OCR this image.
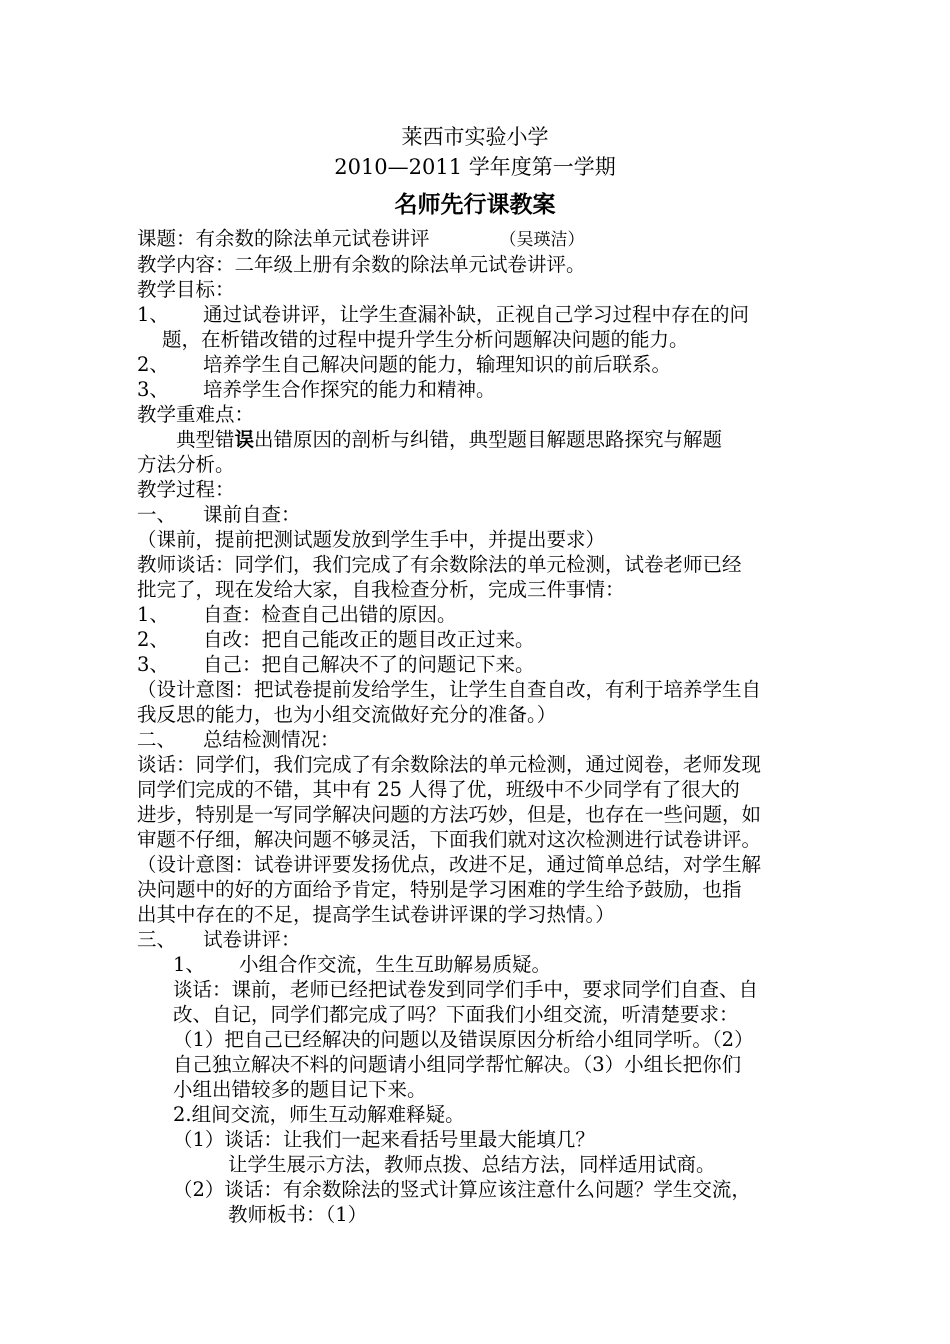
莱西市实验小学
2010—2011 学年度第一学期
名师先行课教案
课题：有余数的除法单元试卷讲评	（吴瑛洁）
教学内容：二年级上册有余数的除法单元试卷讲评。
教学目标：
1、 通过试卷讲评，让学生查漏补缺，正视自己学习过程中存在的问
题，在析错改错的过程中提升学生分析问题解决问题的能力。
2、 培养学生自己解决问题的能力，输理知识的前后联系。
3、 培养学生合作探究的能力和精神。
教学重难点：
典型错误出错原因的剖析与纠错，典型题目解题思路探究与解题
方法分析。
教学过程：
一、 课前自查：
（课前，提前把测试题发放到学生手中，并提出要求）
教师谈话：同学们，我们完成了有余数除法的单元检测，试卷老师已经
批完了，现在发给大家，自我检查分析，完成三件事情：
1、 自查：检查自己出错的原因。
2、 自改：把自己能改正的题目改正过来。
3、 自己：把自己解决不了的问题记下来。
（设计意图：把试卷提前发给学生，让学生自查自改，有利于培养学生自
我反思的能力，也为小组交流做好充分的准备。）
二、 总结检测情况：
谈话：同学们，我们完成了有余数除法的单元检测，通过阅卷，老师发现
同学们完成的不错，其中有 25 人得了优，班级中不少同学有了很大的
进步，特别是一写同学解决问题的方法巧妙，但是，也存在一些问题，如
审题不仔细，解决问题不够灵活，下面我们就对这次检测进行试卷讲评。
（设计意图：试卷讲评要发扬优点，改进不足，通过简单总结，对学生解
决问题中的好的方面给予肯定，特别是学习困难的学生给予鼓励，也指
出其中存在的不足，提高学生试卷讲评课的学习热情。）
三、 试卷讲评：
1、 小组合作交流，生生互助解易质疑。
谈话：课前，老师已经把试卷发到同学们手中，要求同学们自查、自
改、自记，同学们都完成了吗？下面我们小组交流，听清楚要求：
（1）把自己已经解决的问题以及错误原因分析给小组同学听。（2）
自己独立解决不料的问题请小组同学帮忙解决。（3）小组长把你们
小组出错较多的题目记下来。
2.组间交流，师生互动解难释疑。
（1）谈话：让我们一起来看括号里最大能填几？
让学生展示方法，教师点拨、总结方法，同样适用试商。
（2）谈话：有余数除法的竖式计算应该注意什么问题？学生交流，
教师板书：（1）
